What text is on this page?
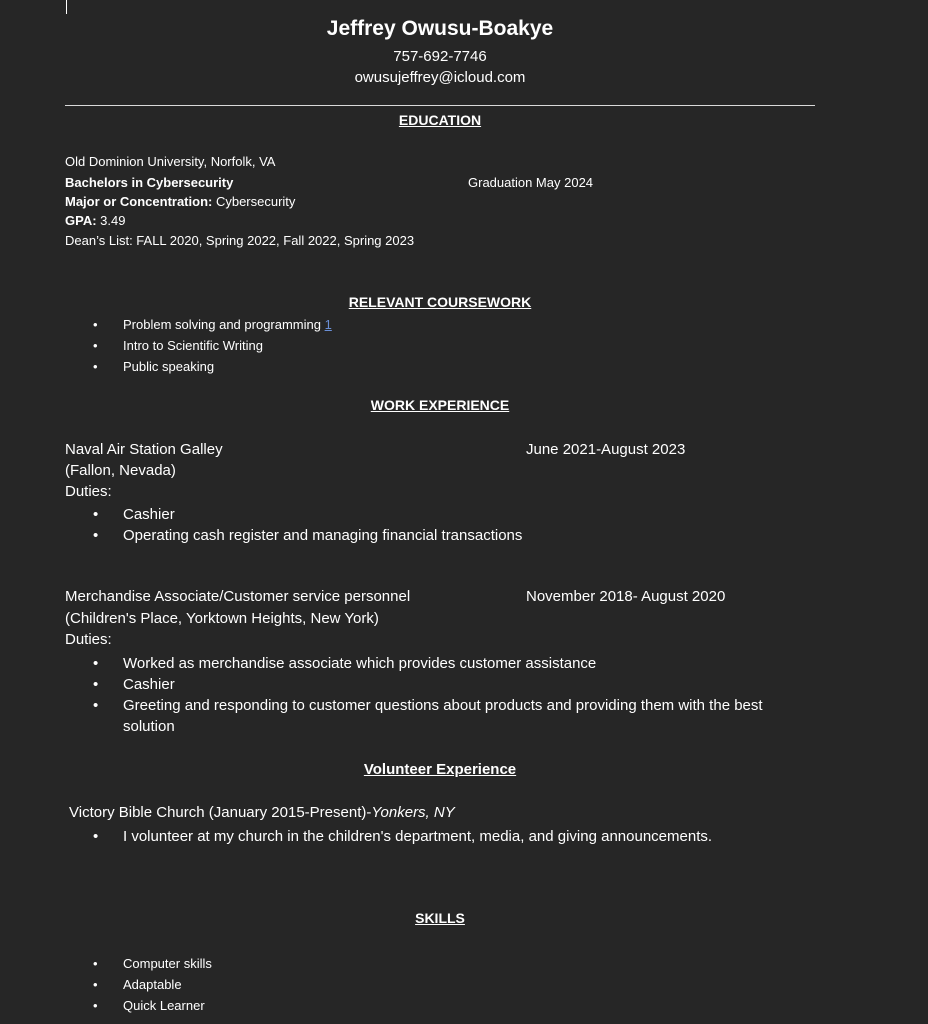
Jeffrey Owusu-Boakye
757-692-7746
owusujeffrey@icloud.com
EDUCATION
Old Dominion University, Norfolk, VA
Bachelors in Cybersecurity	Graduation May 2024
Major or Concentration: Cybersecurity
GPA: 3.49
Dean’s List: FALL 2020, Spring 2022, Fall 2022, Spring 2023
RELEVANT COURSEWORK
• Problem solving and programming 1
• Intro to Scientific Writing
• Public speaking
WORK EXPERIENCE
Naval Air Station Galley	June 2021-August 2023
(Fallon, Nevada)
Duties:
• Cashier
• Operating cash register and managing financial transactions
Merchandise Associate/Customer service personnel	November 2018- August 2020
(Children's Place, Yorktown Heights, New York)
Duties:
• Worked as merchandise associate which provides customer assistance
• Cashier
• Greeting and responding to customer questions about products and providing them with the best solution
Volunteer Experience
Victory Bible Church (January 2015-Present)-Yonkers, NY
• I volunteer at my church in the children's department, media, and giving announcements.
SKILLS
• Computer skills
• Adaptable
• Quick Learner
